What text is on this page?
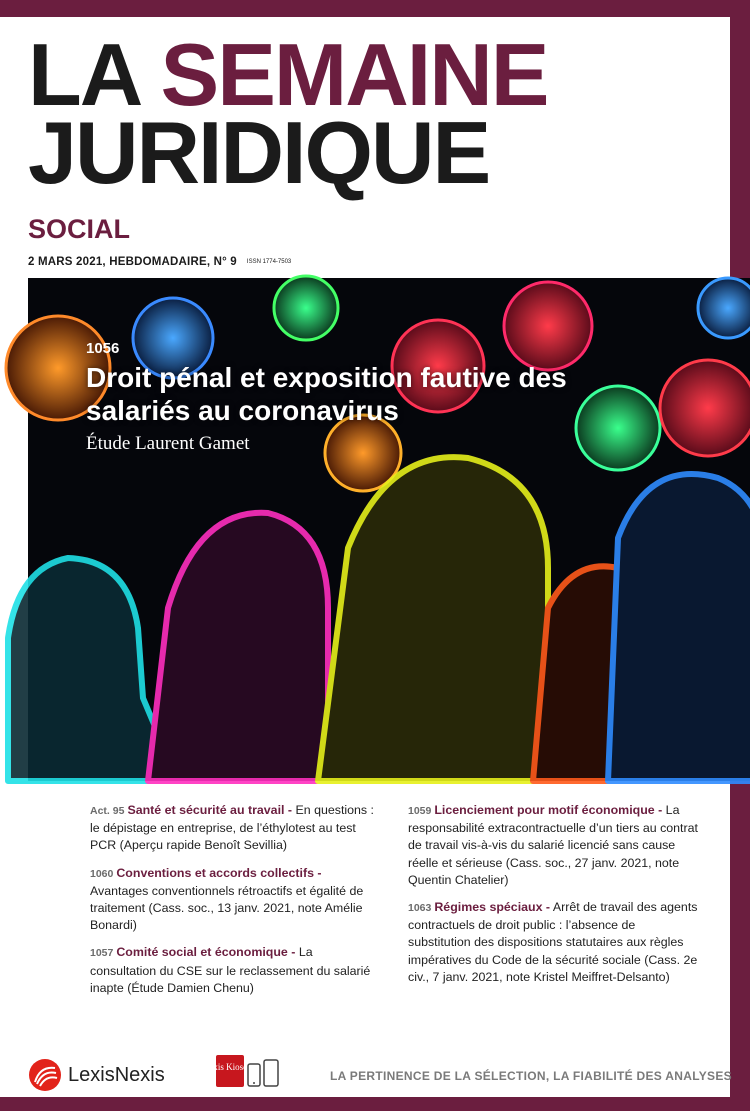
LA SEMAINE
JURIDIQUE
SOCIAL
2 MARS 2021, HEBDOMADAIRE, N° 9 ISSN 1774-7503
1056
Droit pénal et exposition fautive des salariés au coronavirus
Étude Laurent Gamet
Act. 95 Santé et sécurité au travail - En questions : le dépistage en entreprise, de l’éthylotest au test PCR (Aperçu rapide Benoît Sevillia)
1060 Conventions et accords collectifs - Avantages conventionnels rétroactifs et égalité de traitement (Cass. soc., 13 janv. 2021, note Amélie Bonardi)
1057 Comité social et économique - La consultation du CSE sur le reclassement du salarié inapte (Étude Damien Chenu)
1059 Licenciement pour motif économique - La responsabilité extracontractuelle d’un tiers au contrat de travail vis-à-vis du salarié licencié sans cause réelle et sérieuse (Cass. soc., 27 janv. 2021, note Quentin Chatelier)
1063 Régimes spéciaux - Arrêt de travail des agents contractuels de droit public : l’absence de substitution des dispositions statutaires aux règles impératives du Code de la sécurité sociale (Cass. 2e civ., 7 janv. 2021, note Kristel Meiffret-Delsanto)
LexisNexis	Lexis Kiosque
LA PERTINENCE DE LA SÉLECTION, LA FIABILITÉ DES ANALYSES
